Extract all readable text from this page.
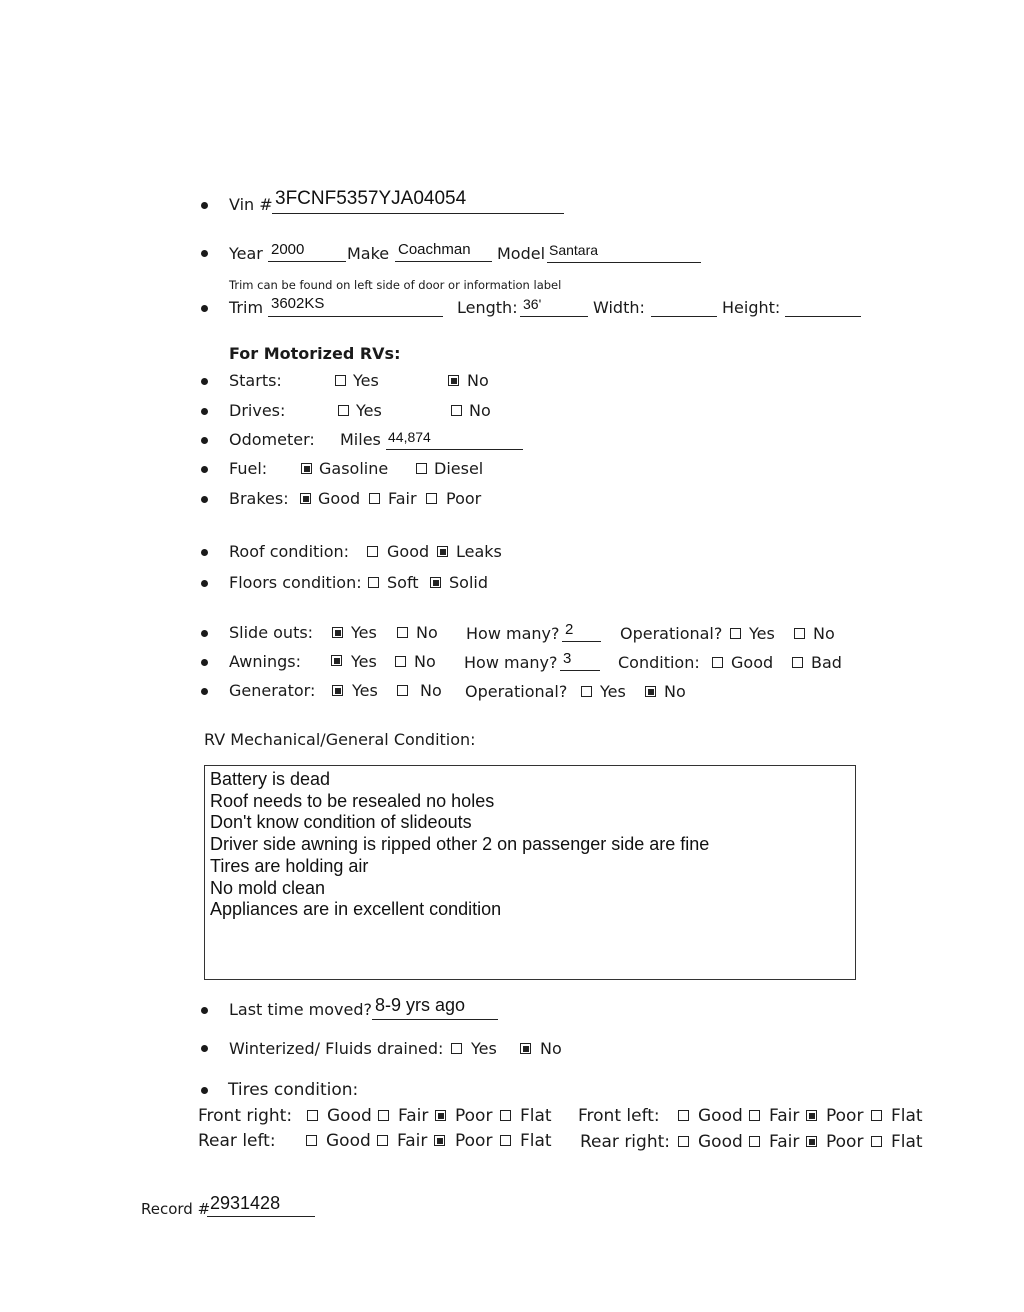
Vin # 3FCNF5357YJA04054
Year 2000	Make Coachman Model Santara
Trim can be found on left side of door or information label
Trim 3602KS	Length: 36'	Width:	Height:
For Motorized RVs:
Starts:	Yes	No
Drives:	Yes	No
Odometer: Miles 44,874
Fuel:	Gasoline	Diesel
Brakes: Good Fair Poor
Roof condition: Good Leaks
Floors condition: Soft Solid
Slide outs: Yes No How many? 2	Operational? Yes No
Awnings:	Yes No How many? 3	Condition: Good Bad
Generator: Yes	No Operational? Yes No
RV Mechanical/General Condition:
Battery is dead
Roof needs to be resealed no holes
Don't know condition of slideouts
Driver side awning is ripped other 2 on passenger side are fine
Tires are holding air
No mold clean
Appliances are in excellent condition
Last time moved? 8-9 yrs ago
Winterized/ Fluids drained: Yes	No
Tires condition:
Front right: Good Fair Poor Flat Front left: Good Fair Poor Flat
Rear left:	Good Fair Poor Flat Rear right: Good Fair Poor Flat
Record # 2931428
